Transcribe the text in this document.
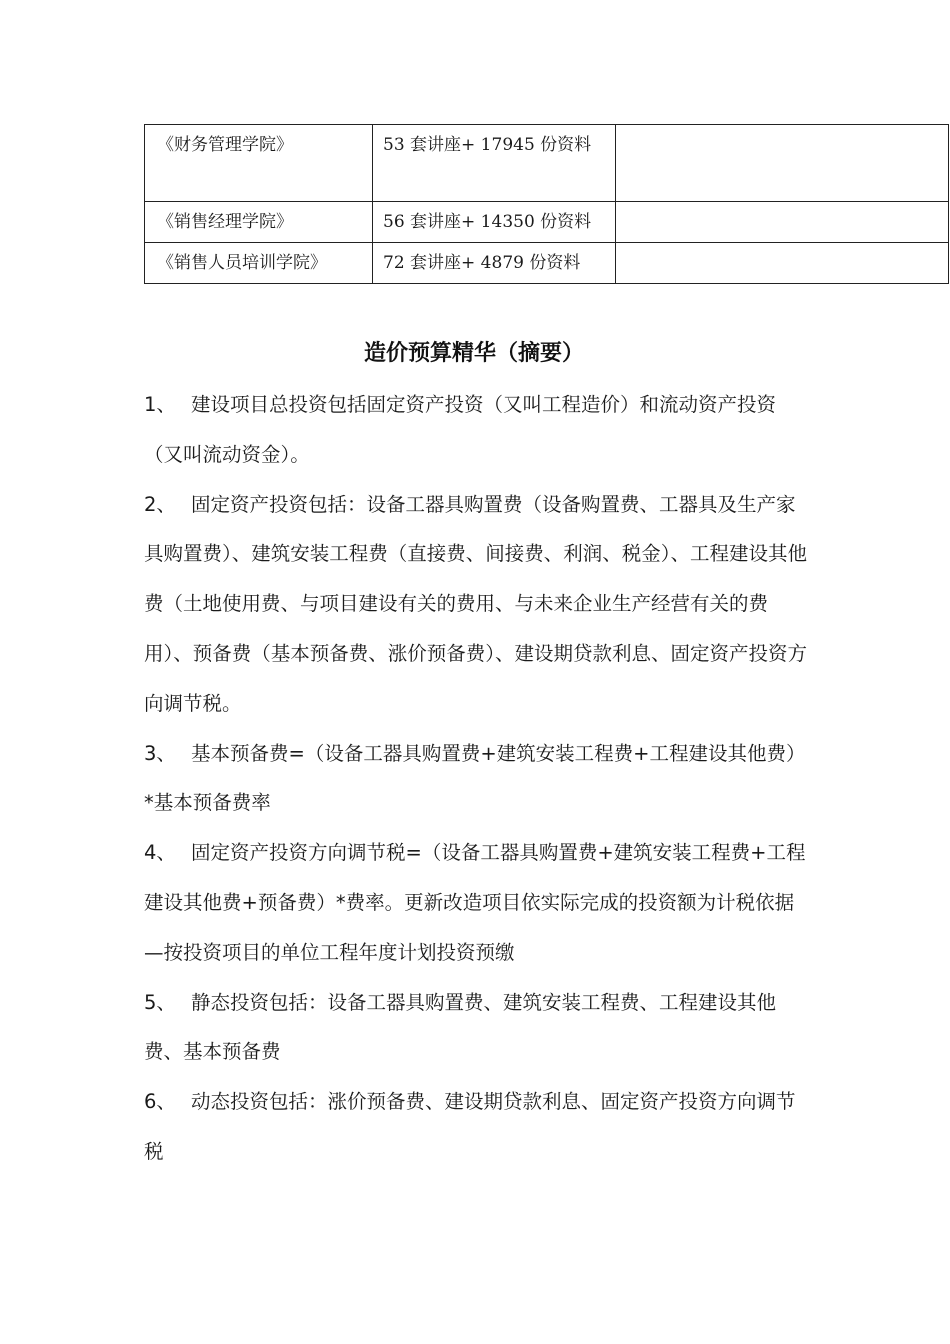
《财务管理学院》	53 套讲座+ 17945 份资料	
《销售经理学院》	56 套讲座+ 14350 份资料	
《销售人员培训学院》	72 套讲座+ 4879 份资料	
造价预算精华（摘要）

1、 建设项目总投资包括固定资产投资（又叫工程造价）和流动资产投资（又叫流动资金）。

2、 固定资产投资包括：设备工器具购置费（设备购置费、工器具及生产家具购置费）、建筑安装工程费（直接费、间接费、利润、税金）、工程建设其他费（土地使用费、与项目建设有关的费用、与未来企业生产经营有关的费用）、预备费（基本预备费、涨价预备费）、建设期贷款利息、固定资产投资方向调节税。

3、 基本预备费=（设备工器具购置费+建筑安装工程费+工程建设其他费）*基本预备费率

4、 固定资产投资方向调节税=（设备工器具购置费+建筑安装工程费+工程建设其他费+预备费）*费率。更新改造项目依实际完成的投资额为计税依据—按投资项目的单位工程年度计划投资预缴

5、 静态投资包括：设备工器具购置费、建筑安装工程费、工程建设其他费、基本预备费

6、 动态投资包括：涨价预备费、建设期贷款利息、固定资产投资方向调节税
